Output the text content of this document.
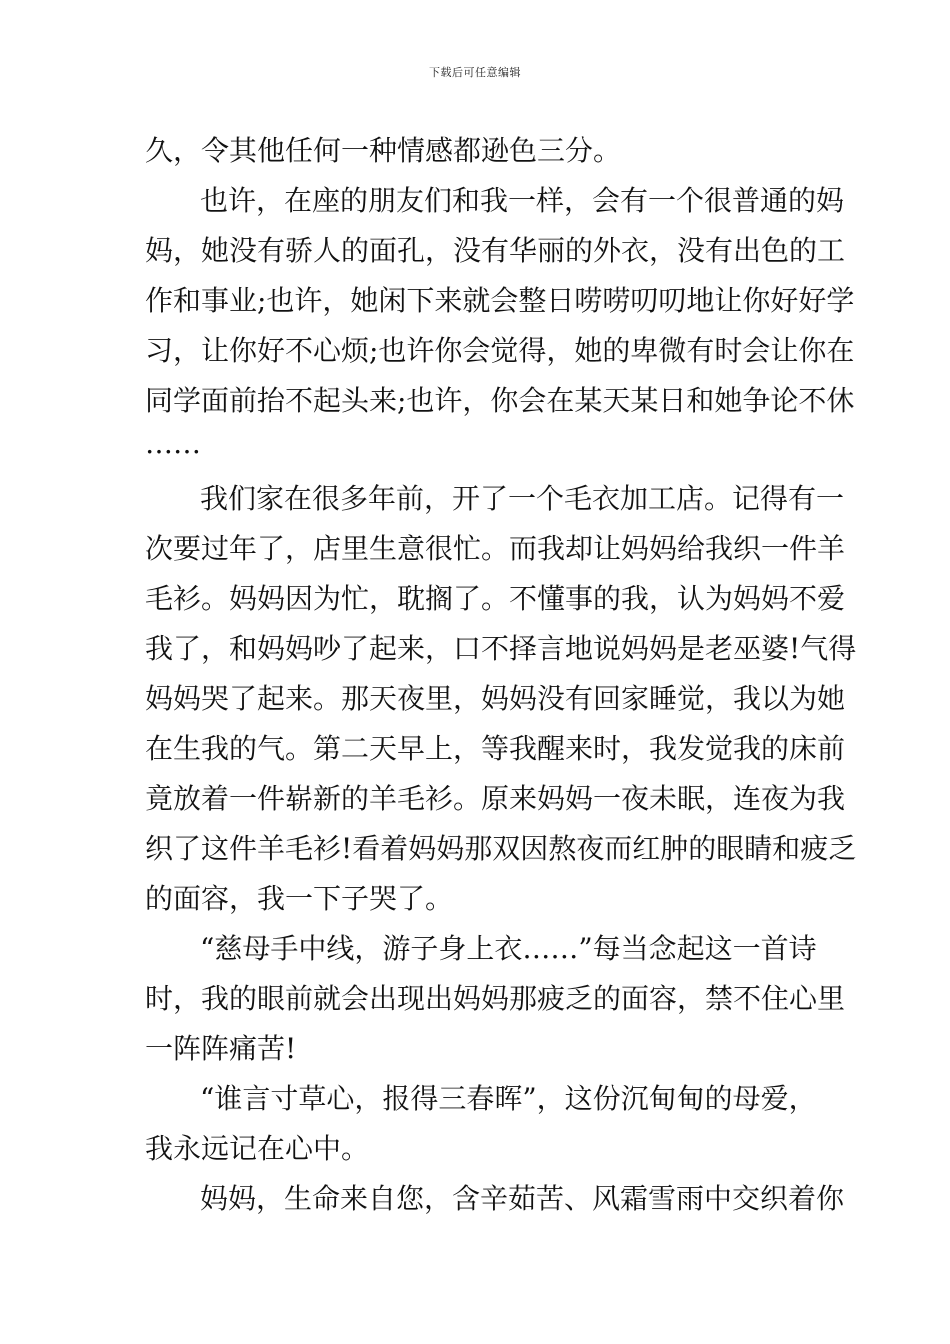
下载后可任意编辑
久，令其他任何一种情感都逊色三分。
也许，在座的朋友们和我一样，会有一个很普通的妈
妈，她没有骄人的面孔，没有华丽的外衣，没有出色的工
作和事业;也许，她闲下来就会整日唠唠叨叨地让你好好学
习，让你好不心烦;也许你会觉得，她的卑微有时会让你在
同学面前抬不起头来;也许，你会在某天某日和她争论不休
……
我们家在很多年前，开了一个毛衣加工店。记得有一
次要过年了，店里生意很忙。而我却让妈妈给我织一件羊
毛衫。妈妈因为忙，耽搁了。不懂事的我，认为妈妈不爱
我了，和妈妈吵了起来，口不择言地说妈妈是老巫婆!气得
妈妈哭了起来。那天夜里，妈妈没有回家睡觉，我以为她
在生我的气。第二天早上，等我醒来时，我发觉我的床前
竟放着一件崭新的羊毛衫。原来妈妈一夜未眠，连夜为我
织了这件羊毛衫!看着妈妈那双因熬夜而红肿的眼睛和疲乏
的面容，我一下子哭了。
“慈母手中线，游子身上衣……”每当念起这一首诗
时，我的眼前就会出现出妈妈那疲乏的面容，禁不住心里
一阵阵痛苦!
“谁言寸草心，报得三春晖”，这份沉甸甸的母爱，
我永远记在心中。
妈妈，生命来自您，含辛茹苦、风霜雪雨中交织着你
